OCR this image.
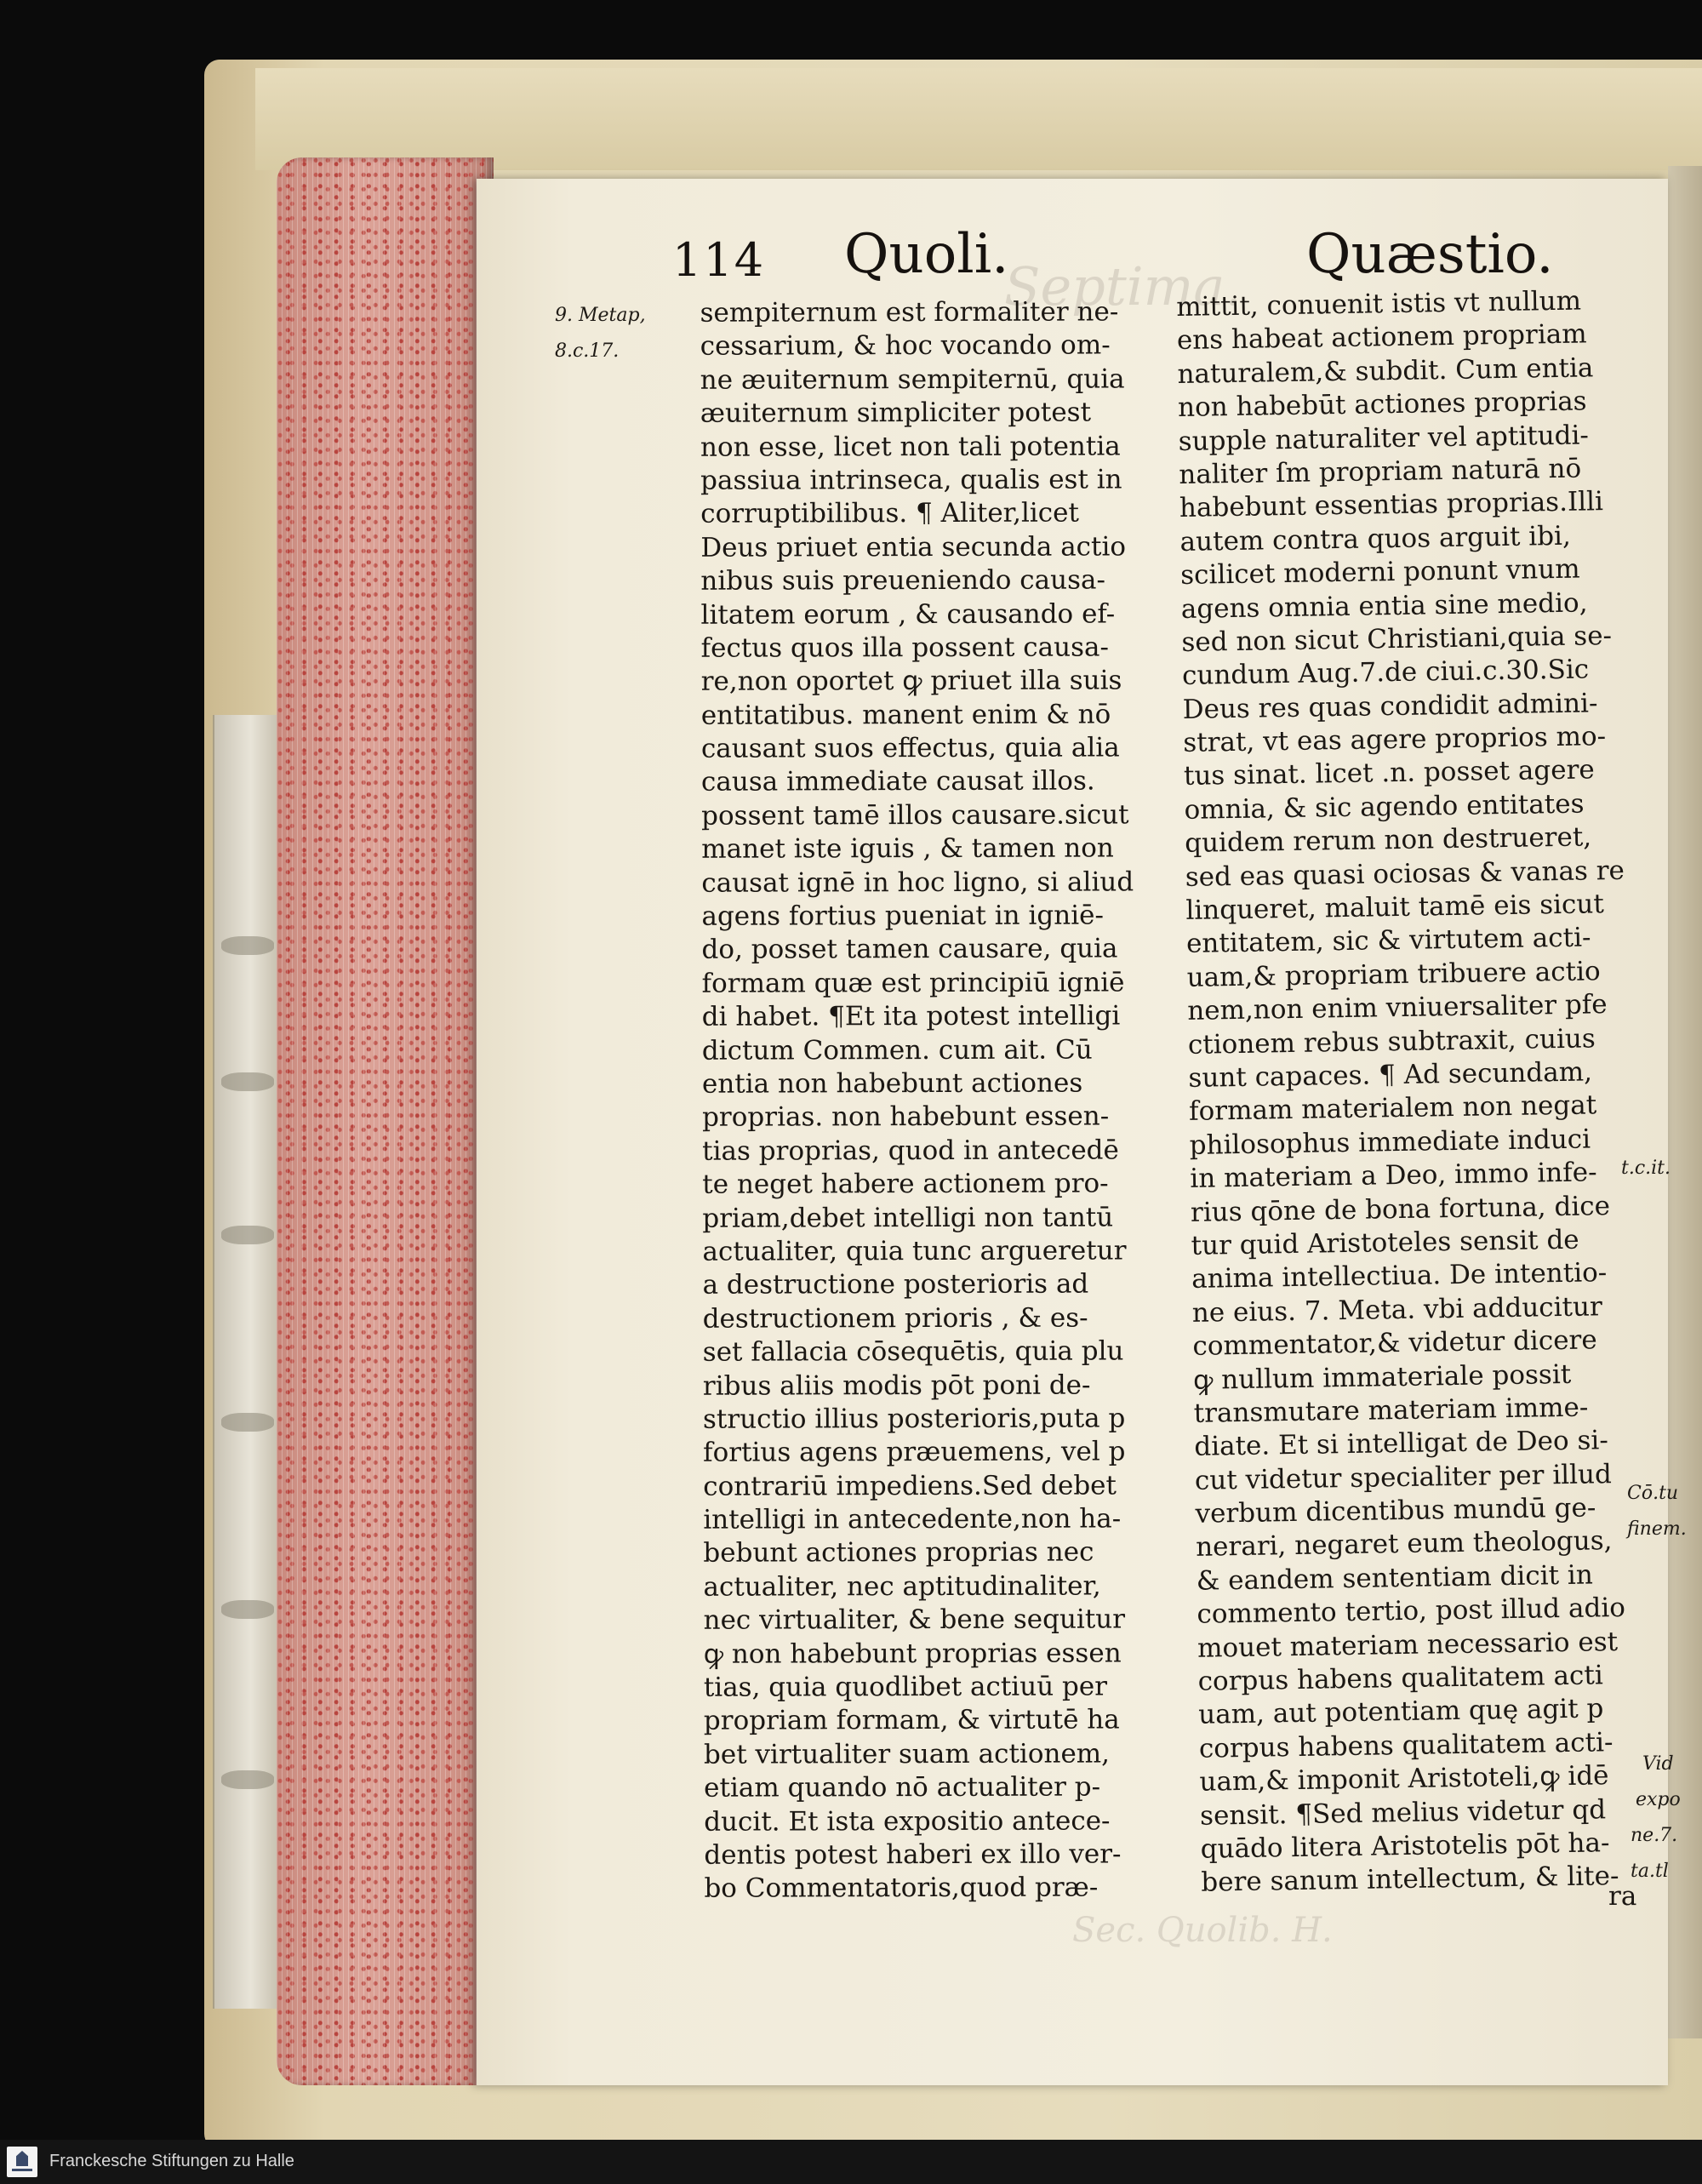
Septima.
114 Quoli.	Quæstio.
9. Metap,
8.c.17.

sempiternum est formaliter ne-

cessarium, & hoc vocando om-

ne æuiternum sempiternū, quia

æuiternum simpliciter potest

non esse, licet non tali potentia

passiua intrinseca, qualis est in

corruptibilibus. ¶ Aliter,licet

Deus priuet entia secunda actio

nibus suis preueniendo causa-

litatem eorum , & causando ef-

fectus quos illa possent causa-

re,non oportet ꝙ priuet illa suis

entitatibus. manent enim & nō

causant suos effectus, quia alia

causa immediate causat illos.

possent tamē illos causare.sicut

manet iste iguis , & tamen non

causat ignē in hoc ligno, si aliud

agens fortius pueniat in igniē-

do, posset tamen causare, quia

formam quæ est principiū igniē

di habet. ¶Et ita potest intelligi

dictum Commen. cum ait. Cū

entia non habebunt actiones

proprias. non habebunt essen-

tias proprias, quod in antecedē

te neget habere actionem pro-

priam,debet intelligi non tantū

actualiter, quia tunc argueretur

a destructione posterioris ad

destructionem prioris , & es-

set fallacia cōsequētis, quia plu

ribus aliis modis pōt poni de-

structio illius posterioris,puta p

fortius agens præuemens, vel p

contrariū impediens.Sed debet

intelligi in antecedente,non ha-

bebunt actiones proprias nec

actualiter, nec aptitudinaliter,

nec virtualiter, & bene sequitur

ꝙ non habebunt proprias essen

tias, quia quodlibet actiuū per

propriam formam, & virtutē ha

bet virtualiter suam actionem,

etiam quando nō actualiter p-

ducit. Et ista expositio antece-

dentis potest haberi ex illo ver-

bo Commentatoris,quod præ-

mittit, conuenit istis vt nullum

ens habeat actionem propriam

naturalem,& subdit. Cum entia

non habebūt actiones proprias

supple naturaliter vel aptitudi-

naliter ſm propriam naturā nō

habebunt essentias proprias.Illi

autem contra quos arguit ibi,

scilicet moderni ponunt vnum

agens omnia entia sine medio,

sed non sicut Christiani,quia se-

cundum Aug.7.de ciui.c.30.Sic

Deus res quas condidit admini-

strat, vt eas agere proprios mo-

tus sinat. licet .n. posset agere

omnia, & sic agendo entitates

quidem rerum non destrueret,

sed eas quasi ociosas & vanas re

linqueret, maluit tamē eis sicut

entitatem, sic & virtutem acti-

uam,& propriam tribuere actio

nem,non enim vniuersaliter pfe

ctionem rebus subtraxit, cuius

sunt capaces. ¶ Ad secundam,

formam materialem non negat

philosophus immediate induci

in materiam a Deo, immo infe-

rius qōne de bona fortuna, dice

tur quid Aristoteles sensit de

anima intellectiua. De intentio-

ne eius. 7. Meta. vbi adducitur

commentator,& videtur dicere

ꝙ nullum immateriale possit

transmutare materiam imme-

diate. Et si intelligat de Deo si-

cut videtur specialiter per illud

verbum dicentibus mundū ge-

nerari, negaret eum theologus,

& eandem sententiam dicit in

commento tertio, post illud adio

mouet materiam necessario est

corpus habens qualitatem acti

uam, aut potentiam quę agit p

corpus habens qualitatem acti-

uam,& imponit Aristoteli,ꝙ idē

sensit. ¶Sed melius videtur qd

quādo litera Aristotelis pōt ha-

bere sanum intellectum, & lite-

t.c.it.
Cō.tu
finem.
Vid
expo
ne.7.
ta.tl
ra
Sec. Quolib. H.
Franckesche Stiftungen zu Halle
